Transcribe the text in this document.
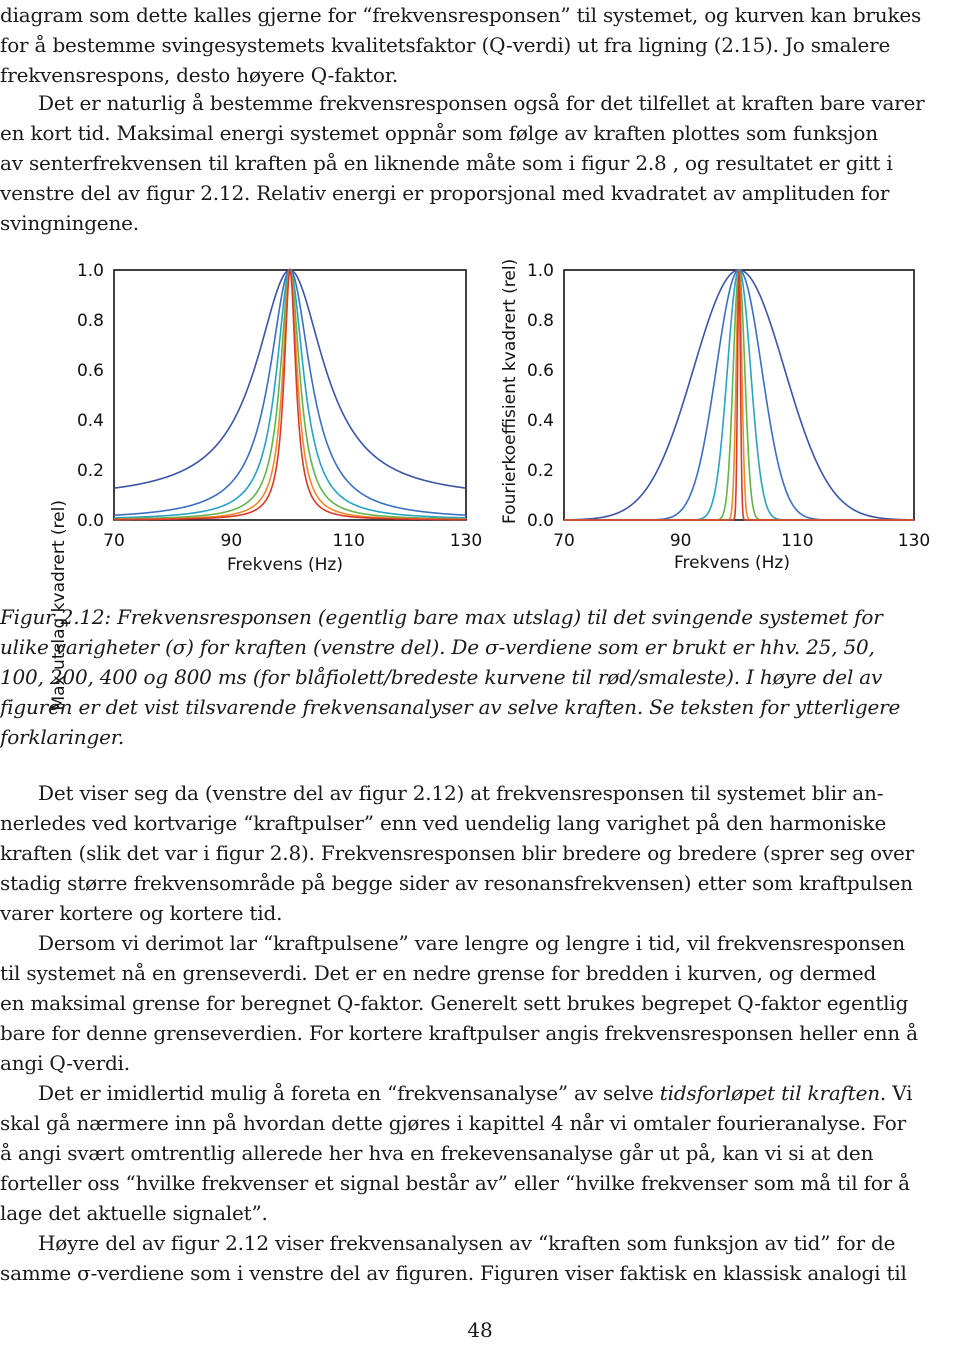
diagram som dette kalles gjerne for “frekvensresponsen” til systemet, og kurven kan brukes
for å bestemme svingesystemets kvalitetsfaktor (Q-verdi) ut fra ligning (2.15). Jo smalere
frekvensrespons, desto høyere Q-faktor.
Det er naturlig å bestemme frekvensresponsen også for det tilfellet at kraften bare varer
en kort tid. Maksimal energi systemet oppnår som følge av kraften plottes som funksjon
av senterfrekvensen til kraften på en liknende måte som i figur 2.8 , og resultatet er gitt i
venstre del av figur 2.12. Relativ energi er proporsjonal med kvadratet av amplituden for
svingningene.
Max utslag kvadrert (rel)
1.0
0.8
0.6
0.4
0.2
0.0
70	90	110	130
Frekvens (Hz)
Fourierkoeffisient kvadrert (rel) 1.0
0.8
0.6
0.4
0.2
0.0
70	90	110	130
Frekvens (Hz)
Figur 2.12: Frekvensresponsen (egentlig bare max utslag) til det svingende systemet for
ulike varigheter (σ) for kraften (venstre del). De σ-verdiene som er brukt er hhv. 25, 50,
100, 200, 400 og 800 ms (for blåfiolett/bredeste kurvene til rød/smaleste). I høyre del av
figuren er det vist tilsvarende frekvensanalyser av selve kraften. Se teksten for ytterligere
forklaringer.
Det viser seg da (venstre del av figur 2.12) at frekvensresponsen til systemet blir an-
nerledes ved kortvarige “kraftpulser” enn ved uendelig lang varighet på den harmoniske
kraften (slik det var i figur 2.8). Frekvensresponsen blir bredere og bredere (sprer seg over
stadig større frekvensområde på begge sider av resonansfrekvensen) etter som kraftpulsen
varer kortere og kortere tid.
Dersom vi derimot lar “kraftpulsene” vare lengre og lengre i tid, vil frekvensresponsen
til systemet nå en grenseverdi. Det er en nedre grense for bredden i kurven, og dermed
en maksimal grense for beregnet Q-faktor. Generelt sett brukes begrepet Q-faktor egentlig
bare for denne grenseverdien. For kortere kraftpulser angis frekvensresponsen heller enn å
angi Q-verdi.
Det er imidlertid mulig å foreta en “frekvensanalyse” av selve tidsforløpet til kraften. Vi
skal gå nærmere inn på hvordan dette gjøres i kapittel 4 når vi omtaler fourieranalyse. For
å angi svært omtrentlig allerede her hva en frekevensanalyse går ut på, kan vi si at den
forteller oss “hvilke frekvenser et signal består av” eller “hvilke frekvenser som må til for å
lage det aktuelle signalet”.
Høyre del av figur 2.12 viser frekvensanalysen av “kraften som funksjon av tid” for de
samme σ-verdiene som i venstre del av figuren. Figuren viser faktisk en klassisk analogi til
48
